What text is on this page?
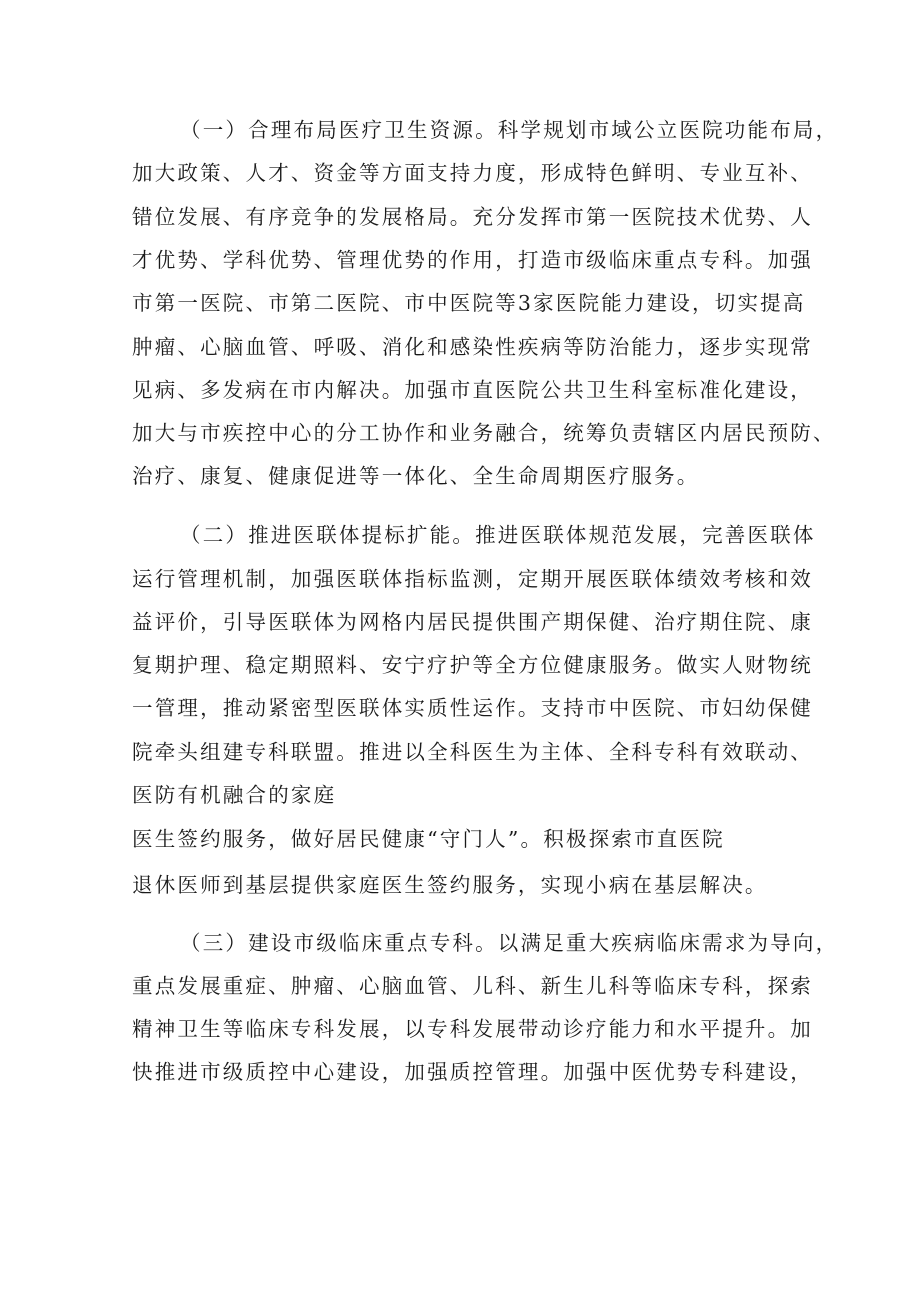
（一）合理布局医疗卫生资源。科学规划市域公立医院功能布局，
加大政策、人才、资金等方面支持力度，形成特色鲜明、专业互补、
错位发展、有序竞争的发展格局。充分发挥市第一医院技术优势、人
才优势、学科优势、管理优势的作用，打造市级临床重点专科。加强
市第一医院、市第二医院、市中医院等3家医院能力建设，切实提高
肿瘤、心脑血管、呼吸、消化和感染性疾病等防治能力，逐步实现常
见病、多发病在市内解决。加强市直医院公共卫生科室标准化建设，
加大与市疾控中心的分工协作和业务融合，统筹负责辖区内居民预防、
治疗、康复、健康促进等一体化、全生命周期医疗服务。
（二）推进医联体提标扩能。推进医联体规范发展，完善医联体
运行管理机制，加强医联体指标监测，定期开展医联体绩效考核和效
益评价，引导医联体为网格内居民提供围产期保健、治疗期住院、康
复期护理、稳定期照料、安宁疗护等全方位健康服务。做实人财物统
一管理，推动紧密型医联体实质性运作。支持市中医院、市妇幼保健
院牵头组建专科联盟。推进以全科医生为主体、全科专科有效联动、
医防有机融合的家庭
医生签约服务，做好居民健康“守门人”。积极探索市直医院
退休医师到基层提供家庭医生签约服务，实现小病在基层解决。
（三）建设市级临床重点专科。以满足重大疾病临床需求为导向，
重点发展重症、肿瘤、心脑血管、儿科、新生儿科等临床专科，探索
精神卫生等临床专科发展，以专科发展带动诊疗能力和水平提升。加
快推进市级质控中心建设，加强质控管理。加强中医优势专科建设，
